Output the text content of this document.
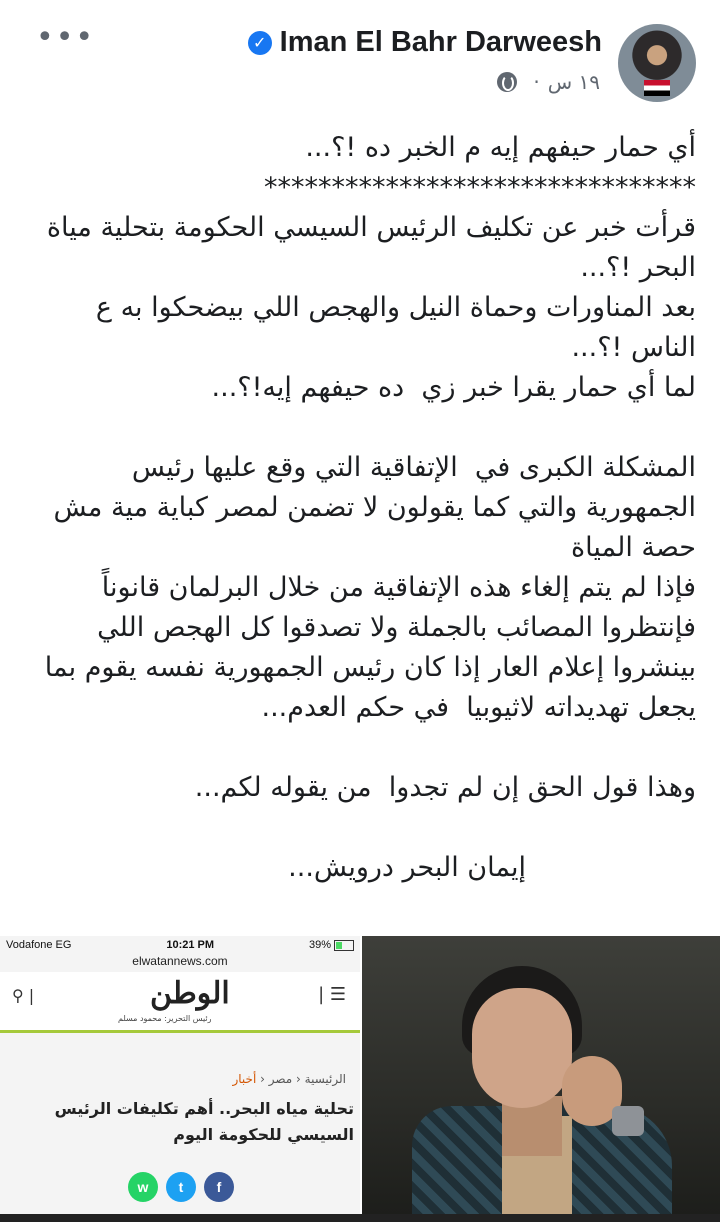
•••	✓ Iman El Bahr Darweesh
· ١٩ س

أي حمار حيفهم إيه م الخبر ده !؟...

********************************

قرأت خبر عن تكليف الرئيس السيسي الحكومة بتحلية مياة البحر !؟...

بعد المناورات وحماة النيل والهجص اللي بيضحكوا به ع الناس !؟...

لما أي حمار يقرا خبر زي  ده حيفهم إيه!؟...

المشكلة الكبرى في  الإتفاقية التي وقع عليها رئيس الجمهورية والتي كما يقولون لا تضمن لمصر كباية مية مش حصة المياة

فإذا لم يتم إلغاء هذه الإتفاقية من خلال البرلمان قانوناً فإنتظروا المصائب بالجملة ولا تصدقوا كل الهجص اللي بينشروا إعلام العار إذا كان رئيس الجمهورية نفسه يقوم بما يجعل تهديداته لاثيوبيا  في حكم العدم...

وهذا قول الحق إن لم تجدوا  من يقوله لكم...

إيمان البحر درويش...

Vodafone EG	10:21 PM	39%
elwatannews.com
⚲ |	الوطن
رئيس التحرير: محمود مسلم
| ☰
الرئيسية ‹ مصر ‹ أخبار
تحلية مياه البحر.. أهم تكليفات الرئيس السيسي للحكومة اليوم
w	t	f
